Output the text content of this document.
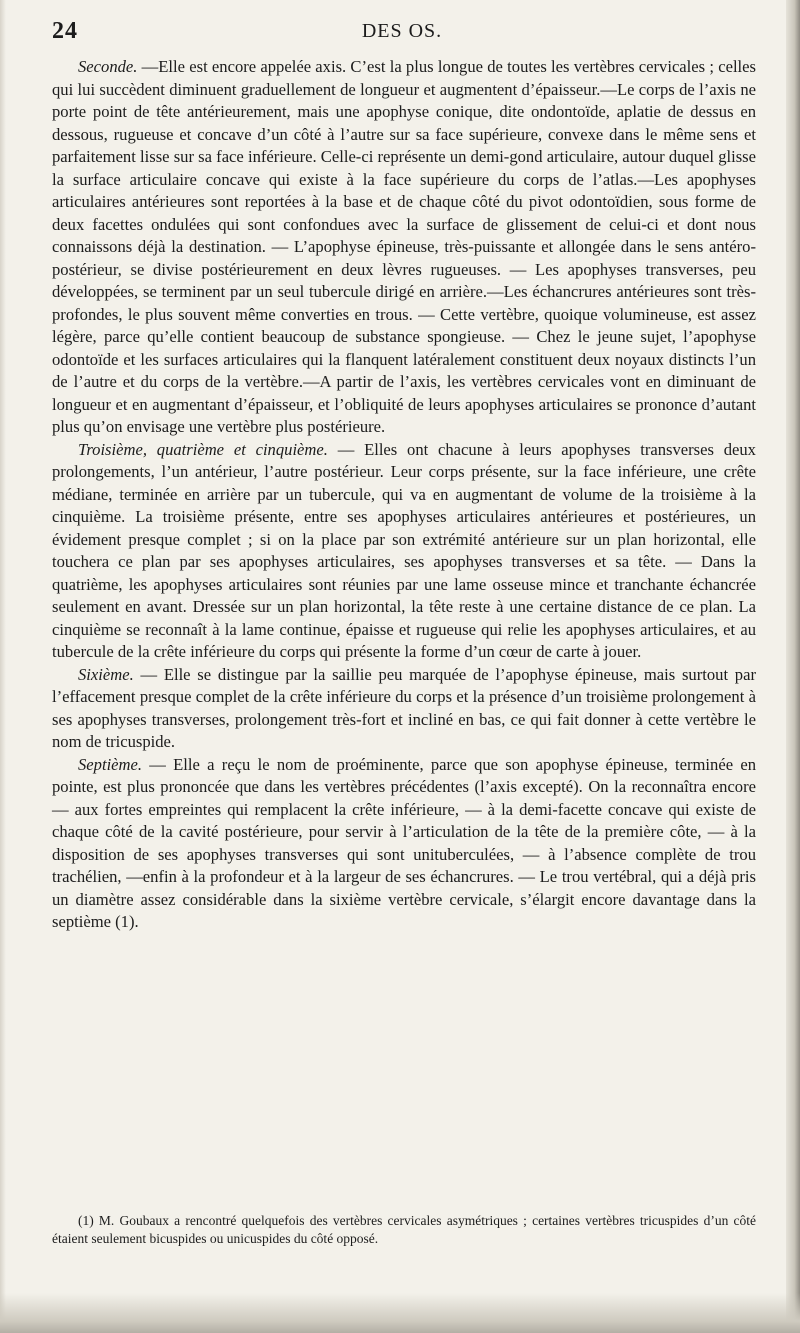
24	DES OS.

Seconde. —Elle est encore appelée axis. C’est la plus longue de toutes les vertèbres cervicales ; celles qui lui succèdent diminuent graduellement de longueur et augmentent d’épaisseur.—Le corps de l’axis ne porte point de tête antérieurement, mais une apophyse conique, dite ondontoïde, aplatie de dessus en dessous, rugueuse et concave d’un côté à l’autre sur sa face supérieure, convexe dans le même sens et parfaitement lisse sur sa face inférieure. Celle-ci représente un demi-gond articulaire, autour duquel glisse la surface articulaire concave qui existe à la face supérieure du corps de l’atlas.—Les apophyses articulaires antérieures sont reportées à la base et de chaque côté du pivot odontoïdien, sous forme de deux facettes ondulées qui sont confondues avec la surface de glissement de celui-ci et dont nous connaissons déjà la destination. — L’apophyse épineuse, très-puissante et allongée dans le sens antéro-postérieur, se divise postérieurement en deux lèvres rugueuses. — Les apophyses transverses, peu développées, se terminent par un seul tubercule dirigé en arrière.—Les échancrures antérieures sont très-profondes, le plus souvent même converties en trous. — Cette vertèbre, quoique volumineuse, est assez légère, parce qu’elle contient beaucoup de substance spongieuse. — Chez le jeune sujet, l’apophyse odontoïde et les surfaces articulaires qui la flanquent latéralement constituent deux noyaux distincts l’un de l’autre et du corps de la vertèbre.—A partir de l’axis, les vertèbres cervicales vont en diminuant de longueur et en augmentant d’épaisseur, et l’obliquité de leurs apophyses articulaires se prononce d’autant plus qu’on envisage une vertèbre plus postérieure.

Troisième, quatrième et cinquième. — Elles ont chacune à leurs apophyses transverses deux prolongements, l’un antérieur, l’autre postérieur. Leur corps présente, sur la face inférieure, une crête médiane, terminée en arrière par un tubercule, qui va en augmentant de volume de la troisième à la cinquième. La troisième présente, entre ses apophyses articulaires antérieures et postérieures, un évidement presque complet ; si on la place par son extrémité antérieure sur un plan horizontal, elle touchera ce plan par ses apophyses articulaires, ses apophyses transverses et sa tête. — Dans la quatrième, les apophyses articulaires sont réunies par une lame osseuse mince et tranchante échancrée seulement en avant. Dressée sur un plan horizontal, la tête reste à une certaine distance de ce plan. La cinquième se reconnaît à la lame continue, épaisse et rugueuse qui relie les apophyses articulaires, et au tubercule de la crête inférieure du corps qui présente la forme d’un cœur de carte à jouer.

Sixième. — Elle se distingue par la saillie peu marquée de l’apophyse épineuse, mais surtout par l’effacement presque complet de la crête inférieure du corps et la présence d’un troisième prolongement à ses apophyses transverses, prolongement très-fort et incliné en bas, ce qui fait donner à cette vertèbre le nom de tricuspide.

Septième. — Elle a reçu le nom de proéminente, parce que son apophyse épineuse, terminée en pointe, est plus prononcée que dans les vertèbres précédentes (l’axis excepté). On la reconnaîtra encore — aux fortes empreintes qui remplacent la crête inférieure, — à la demi-facette concave qui existe de chaque côté de la cavité postérieure, pour servir à l’articulation de la tête de la première côte, — à la disposition de ses apophyses transverses qui sont unituberculées, — à l’absence complète de trou trachélien, —enfin à la profondeur et à la largeur de ses échancrures. — Le trou vertébral, qui a déjà pris un diamètre assez considérable dans la sixième vertèbre cervicale, s’élargit encore davantage dans la septième (1).

(1) M. Goubaux a rencontré quelquefois des vertèbres cervicales asymétriques ; certaines vertèbres tricuspides d’un côté étaient seulement bicuspides ou unicuspides du côté opposé.
